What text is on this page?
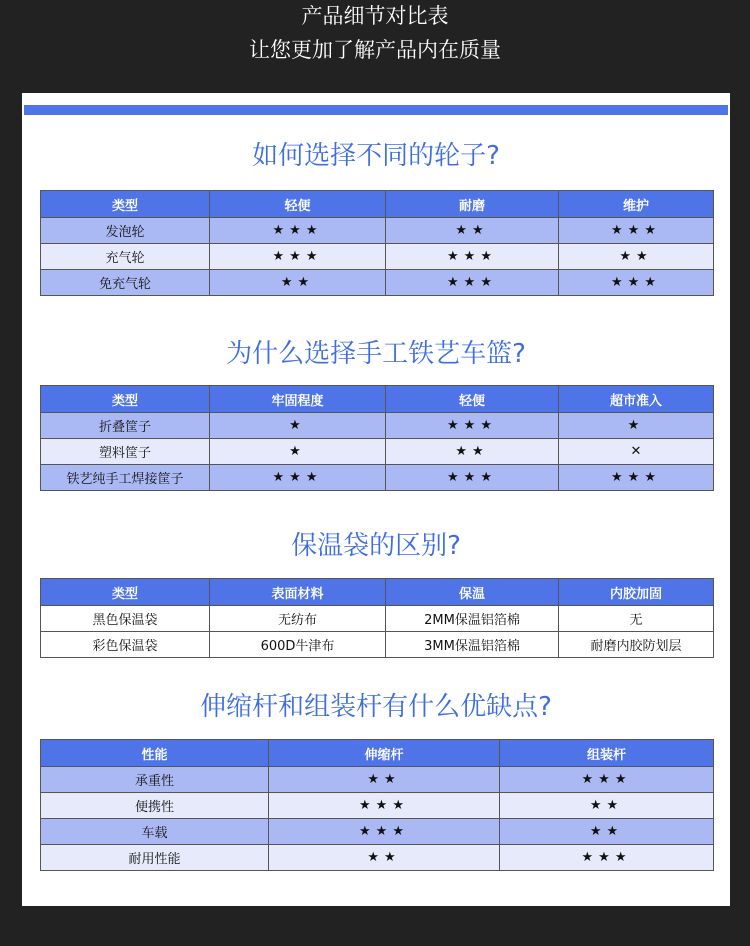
产品细节对比表
让您更加了解产品内在质量
如何选择不同的轮子?
类型	轻便	耐磨	维护
发泡轮	★★★	★★	★★★
充气轮	★★★	★★★	★★
免充气轮	★★	★★★	★★★
为什么选择手工铁艺车篮?
类型	牢固程度	轻便	超市准入
折叠筐子	★	★★★	★
塑料筐子	★	★★	✕
铁艺纯手工焊接筐子	★★★	★★★	★★★
保温袋的区别?
类型	表面材料	保温	内胶加固
黑色保温袋	无纺布	2MM保温铝箔棉	无
彩色保温袋	600D牛津布	3MM保温铝箔棉	耐磨内胶防划层
伸缩杆和组装杆有什么优缺点?
性能	伸缩杆	组装杆
承重性	★★	★★★
便携性	★★★	★★
车载	★★★	★★
耐用性能	★★	★★★
